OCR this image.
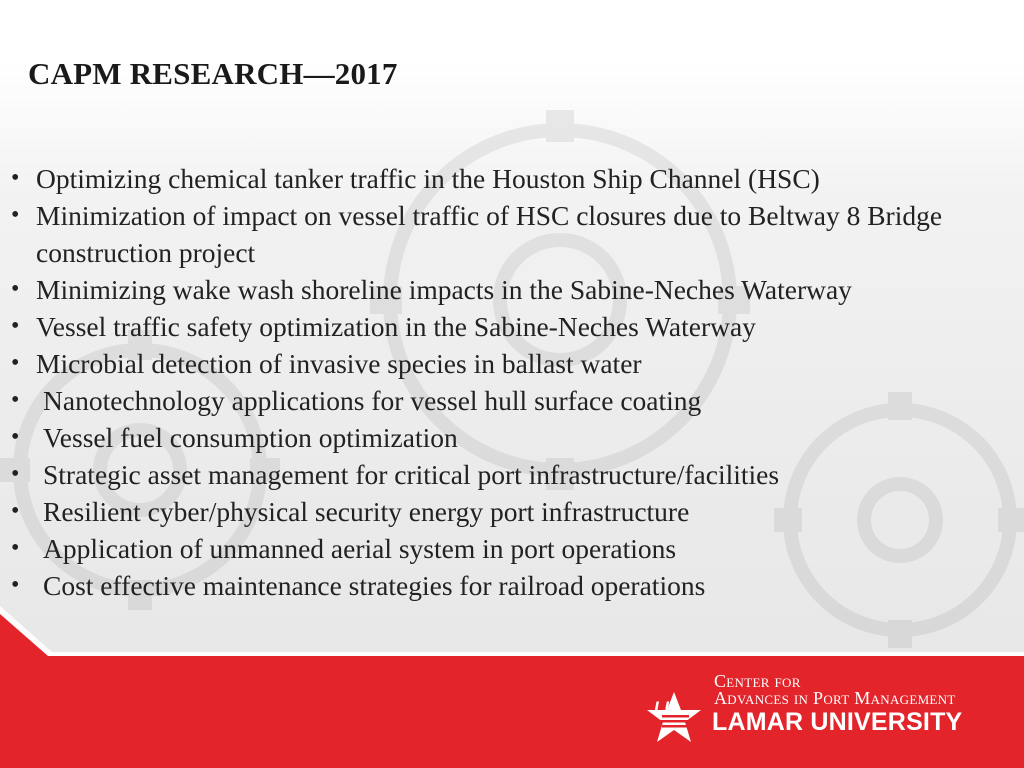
CAPM RESEARCH—2017
• Optimizing chemical tanker traffic in the Houston Ship Channel (HSC)
• Minimization of impact on vessel traffic of HSC closures due to Beltway 8 Bridge construction project
• Minimizing wake wash shoreline impacts in the Sabine-Neches Waterway
• Vessel traffic safety optimization in the Sabine-Neches Waterway
• Microbial detection of invasive species in ballast water
• Nanotechnology applications for vessel hull surface coating
• Vessel fuel consumption optimization
• Strategic asset management for critical port infrastructure/facilities
• Resilient cyber/physical security energy port infrastructure
• Application of unmanned aerial system in port operations
• Cost effective maintenance strategies for railroad operations
LU
Center for
Advances in Port Management
LAMAR UNIVERSITY
